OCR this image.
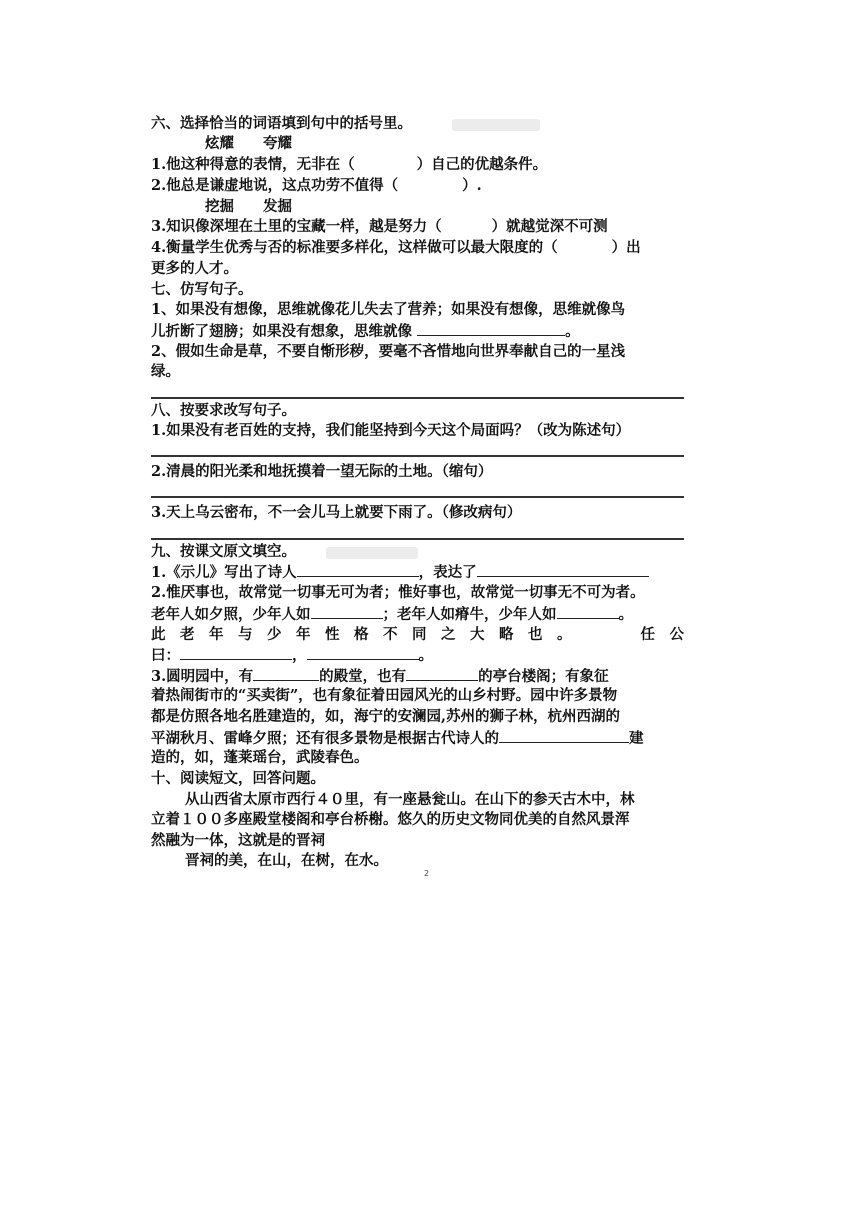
六、选择恰当的词语填到句中的括号里。
炫耀　　夸耀
1.他这种得意的表情，无非在（	）自己的优越条件。
2.他总是谦虚地说，这点功劳不值得（	）.
挖掘　　发掘
3.知识像深埋在土里的宝藏一样，越是努力（	）就越觉深不可测
4.衡量学生优秀与否的标准要多样化，这样做可以最大限度的（	）出
更多的人才。
七、仿写句子。
1、如果没有想像，思维就像花儿失去了营养；如果没有想像，思维就像鸟
儿折断了翅膀；如果没有想象，思维就像	。
2、假如生命是草，不要自惭形秽，要毫不吝惜地向世界奉献自己的一星浅
绿。
八、按要求改写句子。
1.如果没有老百姓的支持，我们能坚持到今天这个局面吗？（改为陈述句）
2.清晨的阳光柔和地抚摸着一望无际的土地。（缩句）
3.天上乌云密布，不一会儿马上就要下雨了。（修改病句）
九、按课文原文填空。
1.《示儿》写出了诗人	，表达了
2.惟厌事也，故常觉一切事无可为者；惟好事也，故常觉一切事无不可为者。
老年人如夕照，少年人如	；老年人如瘠牛，少年人如	。
此 老 年 与 少 年 性 格 不 同 之 大 略 也 。	任 公
曰：	，	。
3.圆明园中，有	的殿堂，也有	的亭台楼阁；有象征
着热闹街市的“买卖街”，也有象征着田园风光的山乡村野。园中许多景物
都是仿照各地名胜建造的，如，海宁的安澜园,苏州的狮子林，杭州西湖的
平湖秋月、雷峰夕照；还有很多景物是根据古代诗人的	建
造的，如，蓬莱瑶台，武陵春色。
十、阅读短文，回答问题。
从山西省太原市西行４０里，有一座悬瓮山。在山下的参天古木中，林
立着１００多座殿堂楼阁和亭台桥榭。悠久的历史文物同优美的自然风景浑
然融为一体，这就是的晋祠
晋祠的美，在山，在树，在水。
2
